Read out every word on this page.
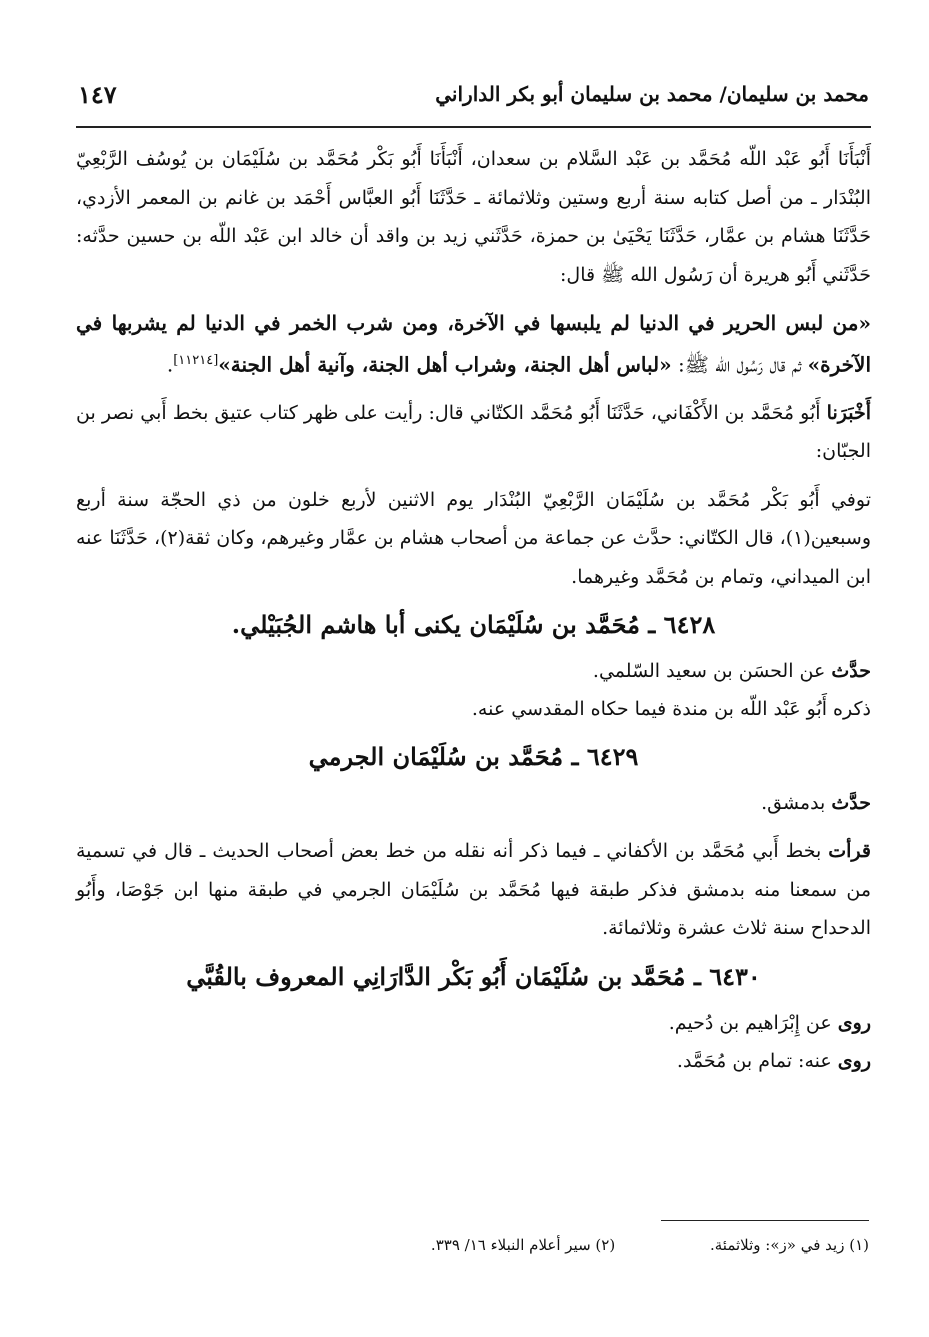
محمد بن سليمان/ محمد بن سليمان أبو بكر الداراني
١٤٧

أَنْبَأَنَا أَبُو عَبْد اللّه مُحَمَّد بن عَبْد السَّلام بن سعدان، أَنْبَأَنَا أَبُو بَكْر مُحَمَّد بن سُلَيْمَان بن يُوسُف الرَّبْعِيّ البُنْدَار ـ من أصل كتابه سنة أربع وستين وثلاثمائة ـ حَدَّثَنَا أَبُو العبَّاس أَحْمَد بن غانم بن المعمر الأزدي، حَدَّثَنَا هشام بن عمَّار، حَدَّثَنَا يَحْيَىٰ بن حمزة، حَدَّثَني زيد بن واقد أن خالد ابن عَبْد اللّه بن حسين حدَّثه: حَدَّثَني أَبُو هريرة أن رَسُول الله ﷺ قال:

«من لبس الحرير في الدنيا لم يلبسها في الآخرة، ومن شرب الخمر في الدنيا لم يشربها في الآخرة» ثم قال رَسُول الله ﷺ: «لباس أهل الجنة، وشراب أهل الجنة، وآنية أهل الجنة»[١١٢١٤].

أَخْبَرَنا أَبُو مُحَمَّد بن الأَكْفَاني، حَدَّثَنَا أَبُو مُحَمَّد الكتّاني قال: رأيت على ظهر كتاب عتيق بخط أَبي نصر بن الجبّان:

توفي أَبُو بَكْر مُحَمَّد بن سُلَيْمَان الرَّبْعِيّ البُنْدَار يوم الاثنين لأربع خلون من ذي الحجّة سنة أربع وسبعين(١)، قال الكتّاني: حدَّث عن جماعة من أصحاب هشام بن عمَّار وغيرهم، وكان ثقة(٢)، حَدَّثَنَا عنه ابن الميداني، وتمام بن مُحَمَّد وغيرهما.

٦٤٢٨ ـ مُحَمَّد بن سُلَيْمَان يكنى أبا هاشم الجُبَيْلي.

حدَّث عن الحسَن بن سعيد السّلمي.

ذكره أَبُو عَبْد اللّه بن مندة فيما حكاه المقدسي عنه.

٦٤٢٩ ـ مُحَمَّد بن سُلَيْمَان الجرمي

حدَّث بدمشق.

قرأت بخط أَبي مُحَمَّد بن الأكفاني ـ فيما ذكر أنه نقله من خط بعض أصحاب الحديث ـ قال في تسمية من سمعنا منه بدمشق فذكر طبقة فيها مُحَمَّد بن سُلَيْمَان الجرمي في طبقة منها ابن جَوْصَا، وأَبُو الدحداح سنة ثلاث عشرة وثلاثمائة.

٦٤٣٠ ـ مُحَمَّد بن سُلَيْمَان أَبُو بَكْر الدَّارَانِي المعروف بالقُبَّي

روى عن إِبْرَاهيم بن دُحيم.

روى عنه: تمام بن مُحَمَّد.

(١) زيد في «ز»: وثلاثمئة. (٢) سير أعلام النبلاء ١٦/ ٣٣٩.
